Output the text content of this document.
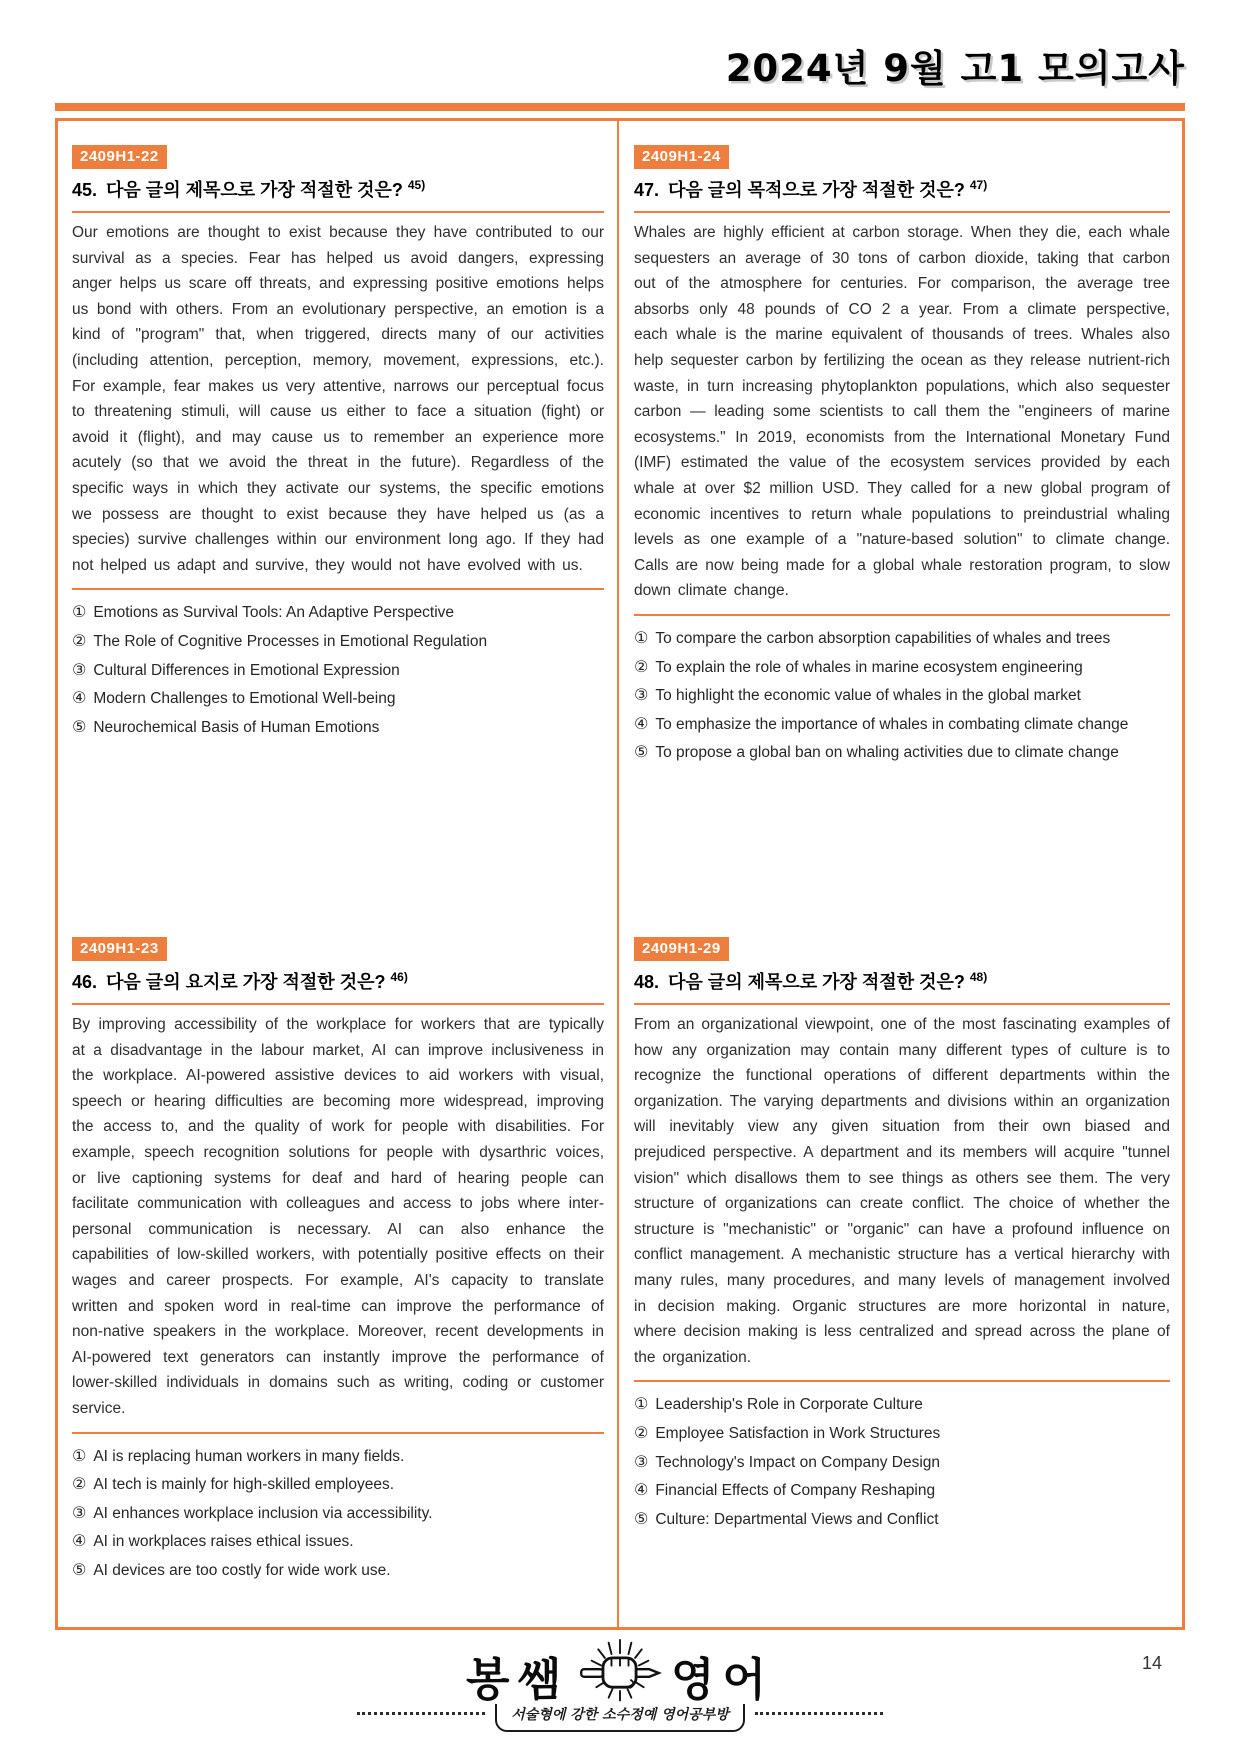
2024년 9월 고1 모의고사
2409H1-22
45. 다음 글의 제목으로 가장 적절한 것은? $^{45)}$

Our emotions are thought to exist because they have contributed to our survival as a species. Fear has helped us avoid dangers, expressing anger helps us scare off threats, and expressing positive emotions helps us bond with others. From an evolutionary perspective, an emotion is a kind of "program" that, when triggered, directs many of our activities (including attention, perception, memory, movement, expressions, etc.). For example, fear makes us very attentive, narrows our perceptual focus to threatening stimuli, will cause us either to face a situation (fight) or avoid it (flight), and may cause us to remember an experience more acutely (so that we avoid the threat in the future). Regardless of the specific ways in which they activate our systems, the specific emotions we possess are thought to exist because they have helped us (as a species) survive challenges within our environment long ago. If they had not helped us adapt and survive, they would not have evolved with us.

① Emotions as Survival Tools: An Adaptive Perspective
② The Role of Cognitive Processes in Emotional Regulation
③ Cultural Differences in Emotional Expression
④ Modern Challenges to Emotional Well-being
⑤ Neurochemical Basis of Human Emotions
2409H1-23
46. 다음 글의 요지로 가장 적절한 것은? $^{46)}$

By improving accessibility of the workplace for workers that are typically at a disadvantage in the labour market, AI can improve inclusiveness in the workplace. AI-powered assistive devices to aid workers with visual, speech or hearing difficulties are becoming more widespread, improving the access to, and the quality of work for people with disabilities. For example, speech recognition solutions for people with dysarthric voices, or live captioning systems for deaf and hard of hearing people can facilitate communication with colleagues and access to jobs where inter-personal communication is necessary. AI can also enhance the capabilities of low-skilled workers, with potentially positive effects on their wages and career prospects. For example, AI's capacity to translate written and spoken word in real-time can improve the performance of non-native speakers in the workplace. Moreover, recent developments in AI-powered text generators can instantly improve the performance of lower-skilled individuals in domains such as writing, coding or customer service.

① AI is replacing human workers in many fields.
② AI tech is mainly for high-skilled employees.
③ AI enhances workplace inclusion via accessibility.
④ AI in workplaces raises ethical issues.
⑤ AI devices are too costly for wide work use.
2409H1-24
47. 다음 글의 목적으로 가장 적절한 것은? $^{47)}$

Whales are highly efficient at carbon storage. When they die, each whale sequesters an average of 30 tons of carbon dioxide, taking that carbon out of the atmosphere for centuries. For comparison, the average tree absorbs only 48 pounds of CO 2 a year. From a climate perspective, each whale is the marine equivalent of thousands of trees. Whales also help sequester carbon by fertilizing the ocean as they release nutrient-rich waste, in turn increasing phytoplankton populations, which also sequester carbon — leading some scientists to call them the "engineers of marine ecosystems." In 2019, economists from the International Monetary Fund (IMF) estimated the value of the ecosystem services provided by each whale at over $2 million USD. They called for a new global program of economic incentives to return whale populations to preindustrial whaling levels as one example of a "nature-based solution" to climate change. Calls are now being made for a global whale restoration program, to slow down climate change.

① To compare the carbon absorption capabilities of whales and trees
② To explain the role of whales in marine ecosystem engineering
③ To highlight the economic value of whales in the global market
④ To emphasize the importance of whales in combating climate change
⑤ To propose a global ban on whaling activities due to climate change
2409H1-29
48. 다음 글의 제목으로 가장 적절한 것은? $^{48)}$

From an organizational viewpoint, one of the most fascinating examples of how any organization may contain many different types of culture is to recognize the functional operations of different departments within the organization. The varying departments and divisions within an organization will inevitably view any given situation from their own biased and prejudiced perspective. A department and its members will acquire "tunnel vision" which disallows them to see things as others see them. The very structure of organizations can create conflict. The choice of whether the structure is "mechanistic" or "organic" can have a profound influence on conflict management. A mechanistic structure has a vertical hierarchy with many rules, many procedures, and many levels of management involved in decision making. Organic structures are more horizontal in nature, where decision making is less centralized and spread across the plane of the organization.

① Leadership's Role in Corporate Culture
② Employee Satisfaction in Work Structures
③ Technology's Impact on Company Design
④ Financial Effects of Company Reshaping
⑤ Culture: Departmental Views and Conflict
봉쌤 영어
서술형에 강한 소수정예 영어공부방
14
